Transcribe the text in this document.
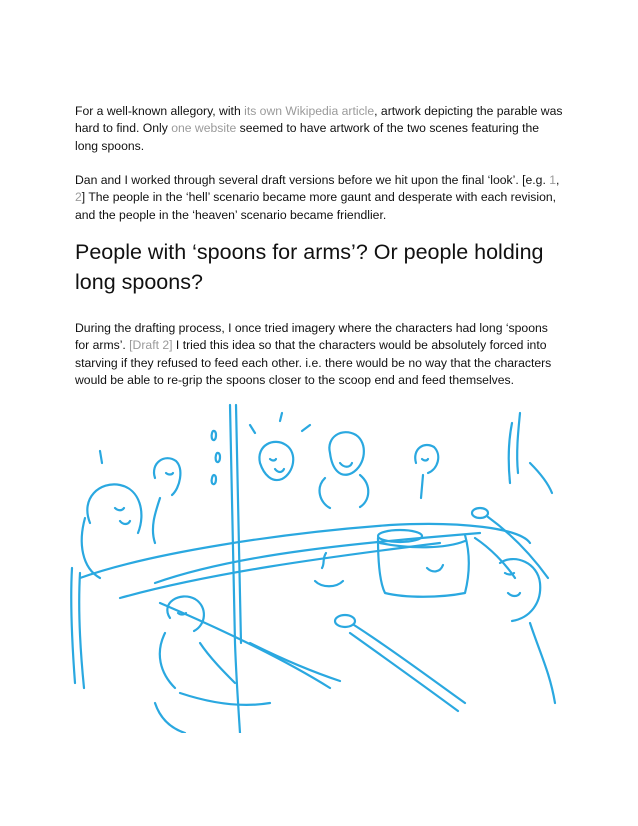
For a well-known allegory, with its own Wikipedia article, artwork depicting the parable was hard to find. Only one website seemed to have artwork of the two scenes featuring the long spoons.

Dan and I worked through several draft versions before we hit upon the final ‘look’. [e.g. 1, 2] The people in the ‘hell’ scenario became more gaunt and desperate with each revision, and the people in the ‘heaven’ scenario became friendlier.

People with ‘spoons for arms’? Or people holding long spoons?

During the drafting process, I once tried imagery where the characters had long ‘spoons for arms’. [Draft 2] I tried this idea so that the characters would be absolutely forced into starving if they refused to feed each other. i.e. there would be no way that the characters would be able to re-grip the spoons closer to the scoop end and feed themselves.
